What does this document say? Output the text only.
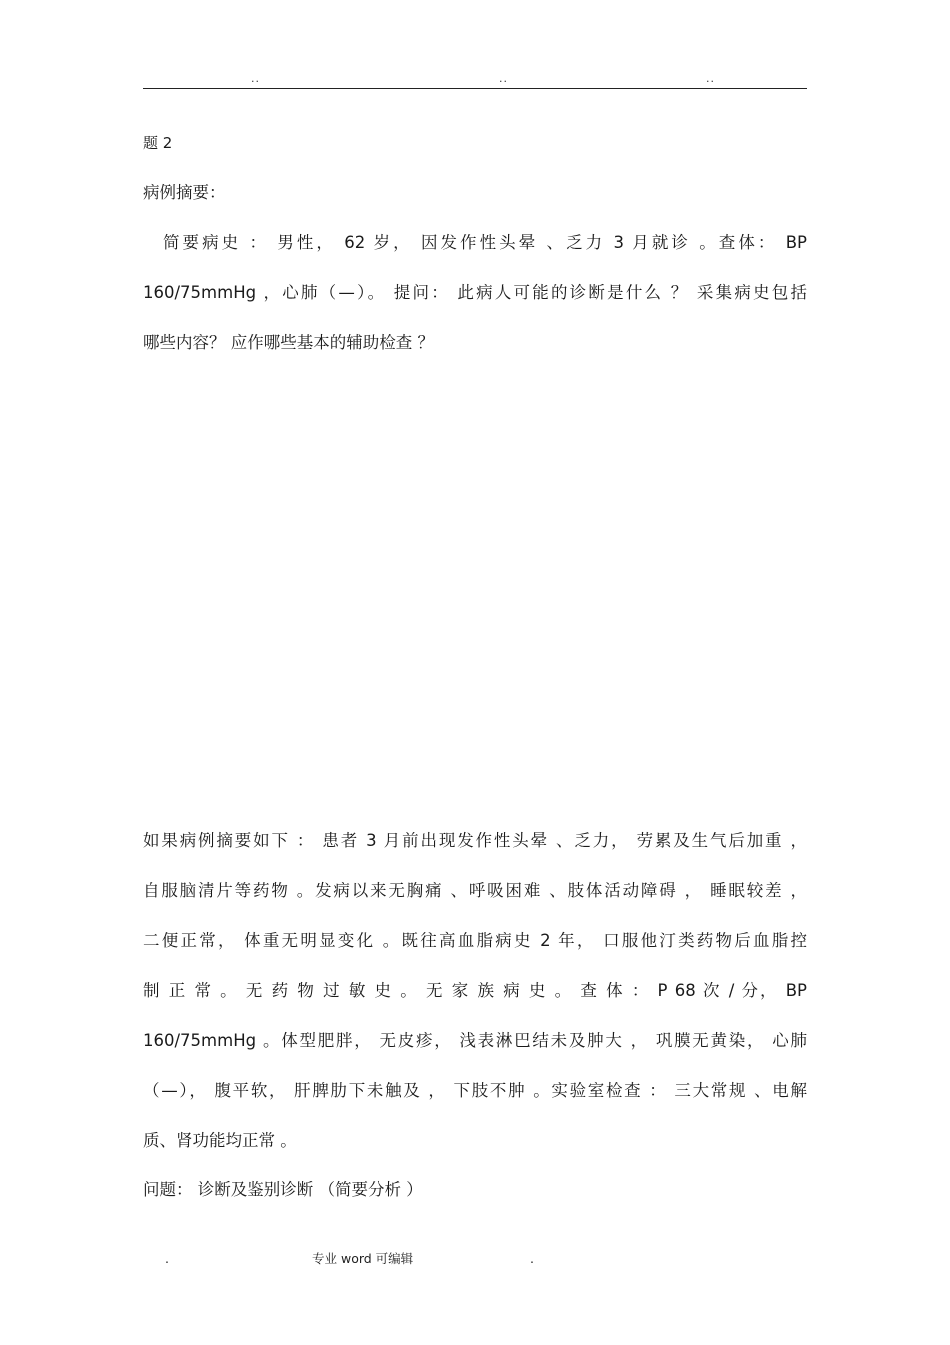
..	..	..
题 2
病例摘要：
简要病史 ： 男性， 62 岁， 因发作性头晕 、乏力 3 月就诊 。查体： BP
160/75mmHg ，心肺（—）。 提问： 此病人可能的诊断是什么 ？ 采集病史包括
哪些内容？ 应作哪些基本的辅助检查 ？
如果病例摘要如下 ： 患者 3 月前出现发作性头晕 、乏力， 劳累及生气后加重 ，
自服脑清片等药物 。发病以来无胸痛 、呼吸困难 、肢体活动障碍 ， 睡眠较差 ，
二便正常， 体重无明显变化 。既往高血脂病史 2 年， 口服他汀类药物后血脂控
制 正 常 。 无 药 物 过 敏 史 。 无 家 族 病 史 。 查 体 ： P 68 次 / 分， BP
160/75mmHg 。体型肥胖， 无皮疹， 浅表淋巴结未及肿大 ， 巩膜无黄染， 心肺
（—）， 腹平软， 肝脾肋下未触及 ， 下肢不肿 。实验室检查 ： 三大常规 、电解
质、肾功能均正常 。
问题： 诊断及鉴别诊断 （简要分析 ）
.	专业 word 可编辑	.
